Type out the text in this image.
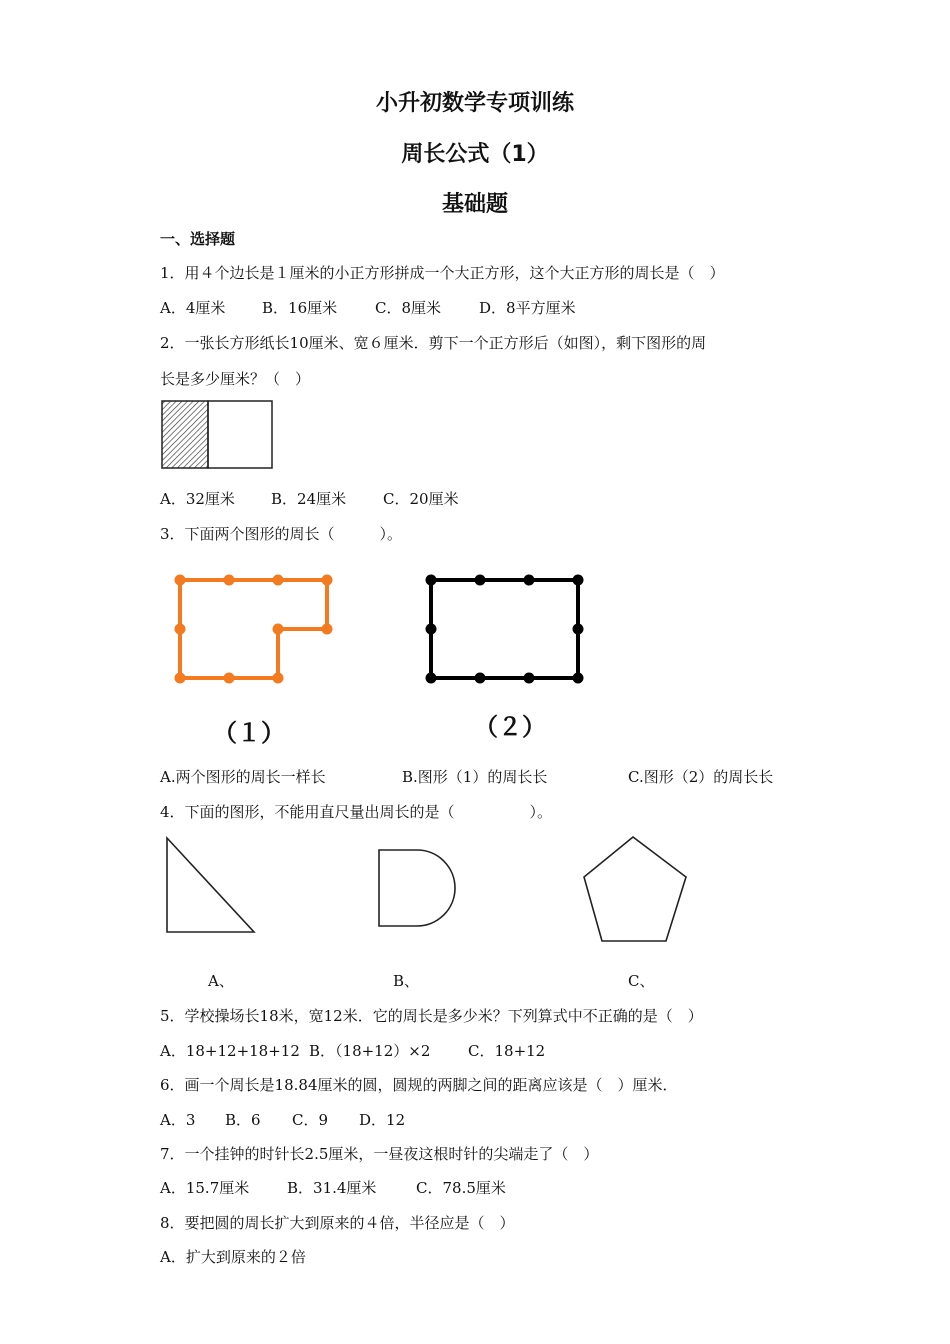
小升初数学专项训练
周长公式（1）
基础题
一、选择题
1．用４个边长是１厘米的小正方形拼成一个大正方形，这个大正方形的周长是（　）
A．4厘米 B．16厘米	C．8厘米	D．8平方厘米
2．一张长方形纸长10厘米、宽６厘米．剪下一个正方形后（如图），剩下图形的周
长是多少厘米？（　）
A．32厘米 B．24厘米 C．20厘米
3．下面两个图形的周长（　　　）。
（１）	（２）
A.两个图形的周长一样长	B.图形（1）的周长长	C.图形（2）的周长长
4．下面的图形，不能用直尺量出周长的是（　　　　　）。
A、	B、	C、
5．学校操场长18米，宽12米．它的周长是多少米？下列算式中不正确的是（　）
A．18+12+18+12 B．（18+12）×2	C．18+12
6．画一个周长是18.84厘米的圆，圆规的两脚之间的距离应该是（　）厘米．
A．3 B．6 C．9 D．12
7．一个挂钟的时针长2.5厘米，一昼夜这根时针的尖端走了（　）
A．15.7厘米	B．31.4厘米	C．78.5厘米
8．要把圆的周长扩大到原来的４倍，半径应是（　）
A．扩大到原来的２倍
